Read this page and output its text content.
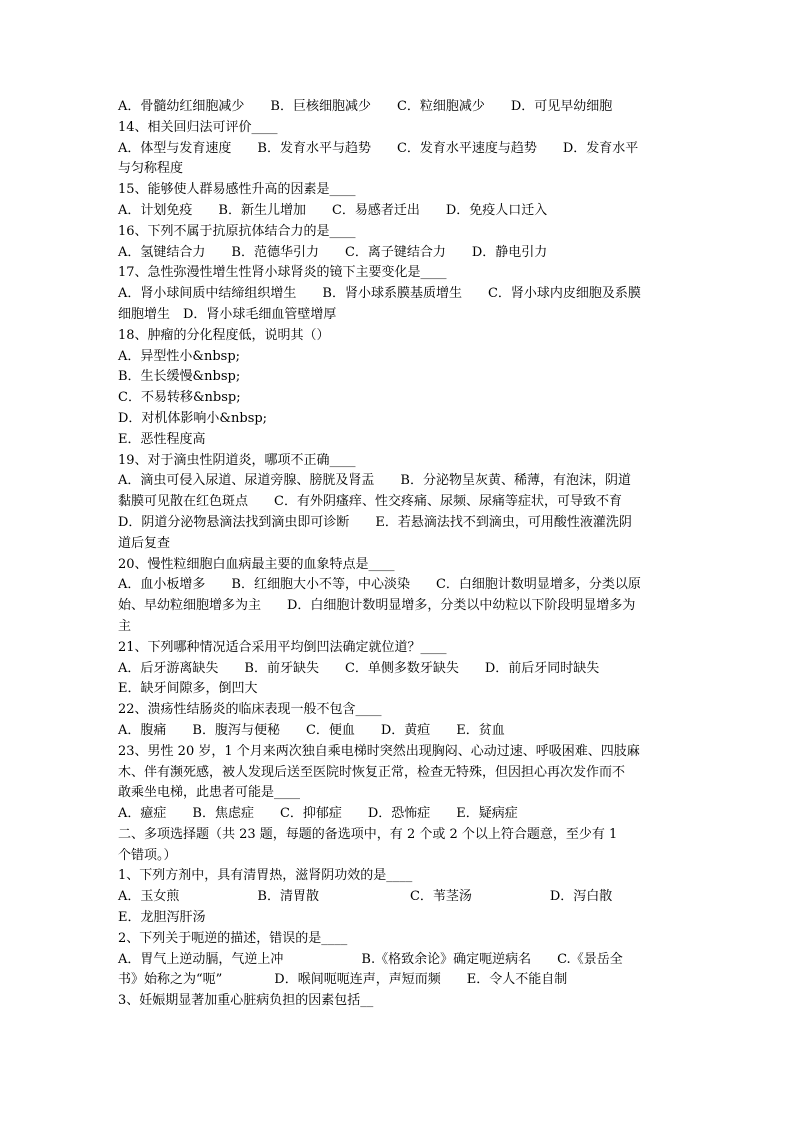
A．骨髓幼红细胞减少　　B．巨核细胞减少　　C．粒细胞减少　　D．可见早幼细胞
14、相关回归法可评价____
A．体型与发育速度　　B．发育水平与趋势　　C．发育水平速度与趋势　　D．发育水平
与匀称程度
15、能够使人群易感性升高的因素是____
A．计划免疫　　B．新生儿增加　　C．易感者迁出　　D．免疫人口迁入
16、下列不属于抗原抗体结合力的是____
A．氢键结合力　　B．范德华引力　　C．离子键结合力　　D．静电引力
17、急性弥漫性增生性肾小球肾炎的镜下主要变化是____
A．肾小球间质中结缔组织增生　　B．肾小球系膜基质增生　　C．肾小球内皮细胞及系膜
细胞增生　D．肾小球毛细血管壁增厚
18、肿瘤的分化程度低，说明其（）
A．异型性小&nbsp;
B．生长缓慢&nbsp;
C．不易转移&nbsp;
D．对机体影响小&nbsp;
E．恶性程度高
19、对于滴虫性阴道炎，哪项不正确____
A．滴虫可侵入尿道、尿道旁腺、膀胱及肾盂　　B．分泌物呈灰黄、稀薄，有泡沫，阴道
黏膜可见散在红色斑点　　C．有外阴瘙痒、性交疼痛、尿频、尿痛等症状，可导致不育
D．阴道分泌物悬滴法找到滴虫即可诊断　　E．若悬滴法找不到滴虫，可用酸性液灌洗阴
道后复查
20、慢性粒细胞白血病最主要的血象特点是____
A．血小板增多　　B．红细胞大小不等，中心淡染　　C．白细胞计数明显增多，分类以原
始、早幼粒细胞增多为主　　D．白细胞计数明显增多，分类以中幼粒以下阶段明显增多为
主
21、下列哪种情况适合采用平均倒凹法确定就位道？____
A．后牙游离缺失　　B．前牙缺失　　C．单侧多数牙缺失　　D．前后牙同时缺失
E．缺牙间隙多，倒凹大
22、溃疡性结肠炎的临床表现一般不包含____
A．腹痛　　B．腹泻与便秘　　C．便血　　D．黄疸　　E．贫血
23、男性 20 岁，1 个月来两次独自乘电梯时突然出现胸闷、心动过速、呼吸困难、四肢麻
木、伴有濒死感，被人发现后送至医院时恢复正常，检查无特殊，但因担心再次发作而不
敢乘坐电梯，此患者可能是____
A．癔症　　B．焦虑症　　C．抑郁症　　D．恐怖症　　E．疑病症
二、多项选择题（共 23 题，每题的备选项中，有 2 个或 2 个以上符合题意，至少有 1
个错项。）
1、下列方剂中，具有清胃热，滋肾阴功效的是____
A．玉女煎　　　　　　B．清胃散　　　　　　　C．苇茎汤　　　　　　D．泻白散
E．龙胆泻肝汤
2、下列关于呃逆的描述，错误的是____
A．胃气上逆动膈，气逆上冲　　　　　　B.《格致余论》确定呃逆病名　　C.《景岳全
书》始称之为“呃”　　　　D．喉间呃呃连声，声短而频　　E．令人不能自制
3、妊娠期显著加重心脏病负担的因素包括__
